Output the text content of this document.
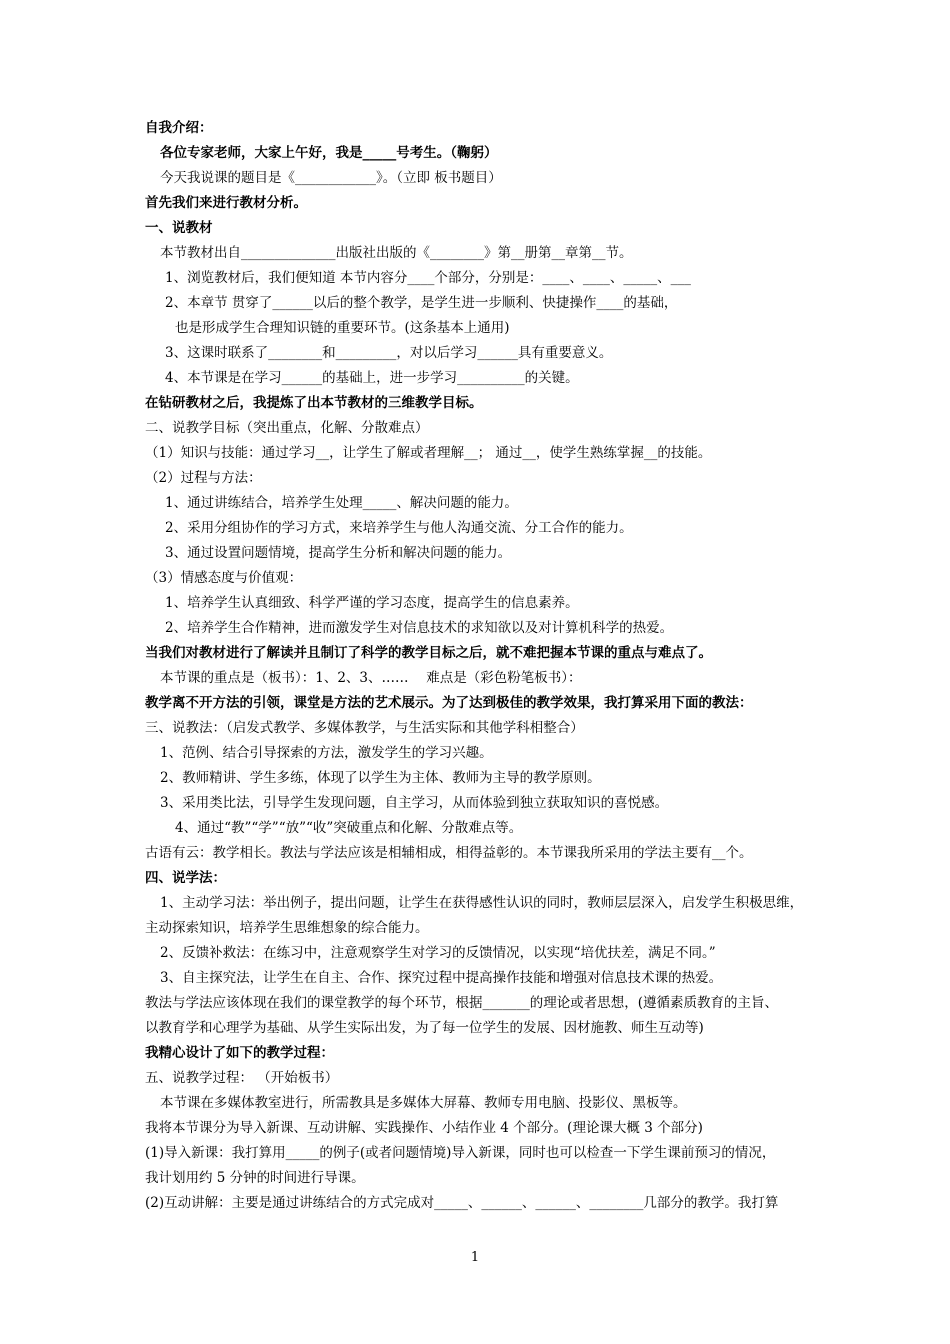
自我介绍：
各位专家老师，大家上午好，我是_____号考生。（鞠躬）
今天我说课的题目是《____________》。（立即 板书题目）
首先我们来进行教材分析。
一、说教材
本节教材出自______________出版社出版的《________》第__册第__章第__节。
1、浏览教材后，我们便知道 本节内容分____个部分，分别是：____、____、_____、___
2、本章节 贯穿了______以后的整个教学，是学生进一步顺利、快捷操作____的基础，
也是形成学生合理知识链的重要环节。(这条基本上通用)
3、这课时联系了________和_________，对以后学习______具有重要意义。
4、本节课是在学习______的基础上，进一步学习__________的关键。
在钻研教材之后，我提炼了出本节教材的三维教学目标。
二、说教学目标（突出重点，化解、分散难点）
（1）知识与技能：通过学习__，让学生了解或者理解__； 通过__，使学生熟练掌握__的技能。
（2）过程与方法：
1、通过讲练结合，培养学生处理_____、解决问题的能力。
2、采用分组协作的学习方式，来培养学生与他人沟通交流、分工合作的能力。
3、通过设置问题情境，提高学生分析和解决问题的能力。
（3）情感态度与价值观：
1、培养学生认真细致、科学严谨的学习态度，提高学生的信息素养。
2、培养学生合作精神，进而激发学生对信息技术的求知欲以及对计算机科学的热爱。
当我们对教材进行了解读并且制订了科学的教学目标之后，就不难把握本节课的重点与难点了。
本节课的重点是（板书）：1、2、3、……　 难点是（彩色粉笔板书）：
教学离不开方法的引领，课堂是方法的艺术展示。为了达到极佳的教学效果，我打算采用下面的教法：
三、说教法：（启发式教学、多媒体教学，与生活实际和其他学科相整合）
1、范例、结合引导探索的方法，激发学生的学习兴趣。
2、教师精讲、学生多练，体现了以学生为主体、教师为主导的教学原则。
3、采用类比法，引导学生发现问题，自主学习，从而体验到独立获取知识的喜悦感。
4、通过“教”“学”“放”“收”突破重点和化解、分散难点等。
古语有云：教学相长。教法与学法应该是相辅相成，相得益彰的。本节课我所采用的学法主要有__个。
四、说学法：
1、主动学习法：举出例子，提出问题，让学生在获得感性认识的同时，教师层层深入，启发学生积极思维，
主动探索知识，培养学生思维想象的综合能力。
2、反馈补救法：在练习中，注意观察学生对学习的反馈情况，以实现“培优扶差，满足不同。”
3、自主探究法，让学生在自主、合作、探究过程中提高操作技能和增强对信息技术课的热爱。
教法与学法应该体现在我们的课堂教学的每个环节，根据_______的理论或者思想，(遵循素质教育的主旨、
以教育学和心理学为基础、从学生实际出发，为了每一位学生的发展、因材施教、师生互动等)
我精心设计了如下的教学过程：
五、说教学过程： （开始板书）
本节课在多媒体教室进行，所需教具是多媒体大屏幕、教师专用电脑、投影仪、黑板等。
我将本节课分为导入新课、互动讲解、实践操作、小结作业 4 个部分。(理论课大概 3 个部分)
(1)导入新课：我打算用_____的例子(或者问题情境)导入新课，同时也可以检查一下学生课前预习的情况，
我计划用约 5 分钟的时间进行导课。
(2)互动讲解：主要是通过讲练结合的方式完成对_____、______、______、________几部分的教学。我打算
1
